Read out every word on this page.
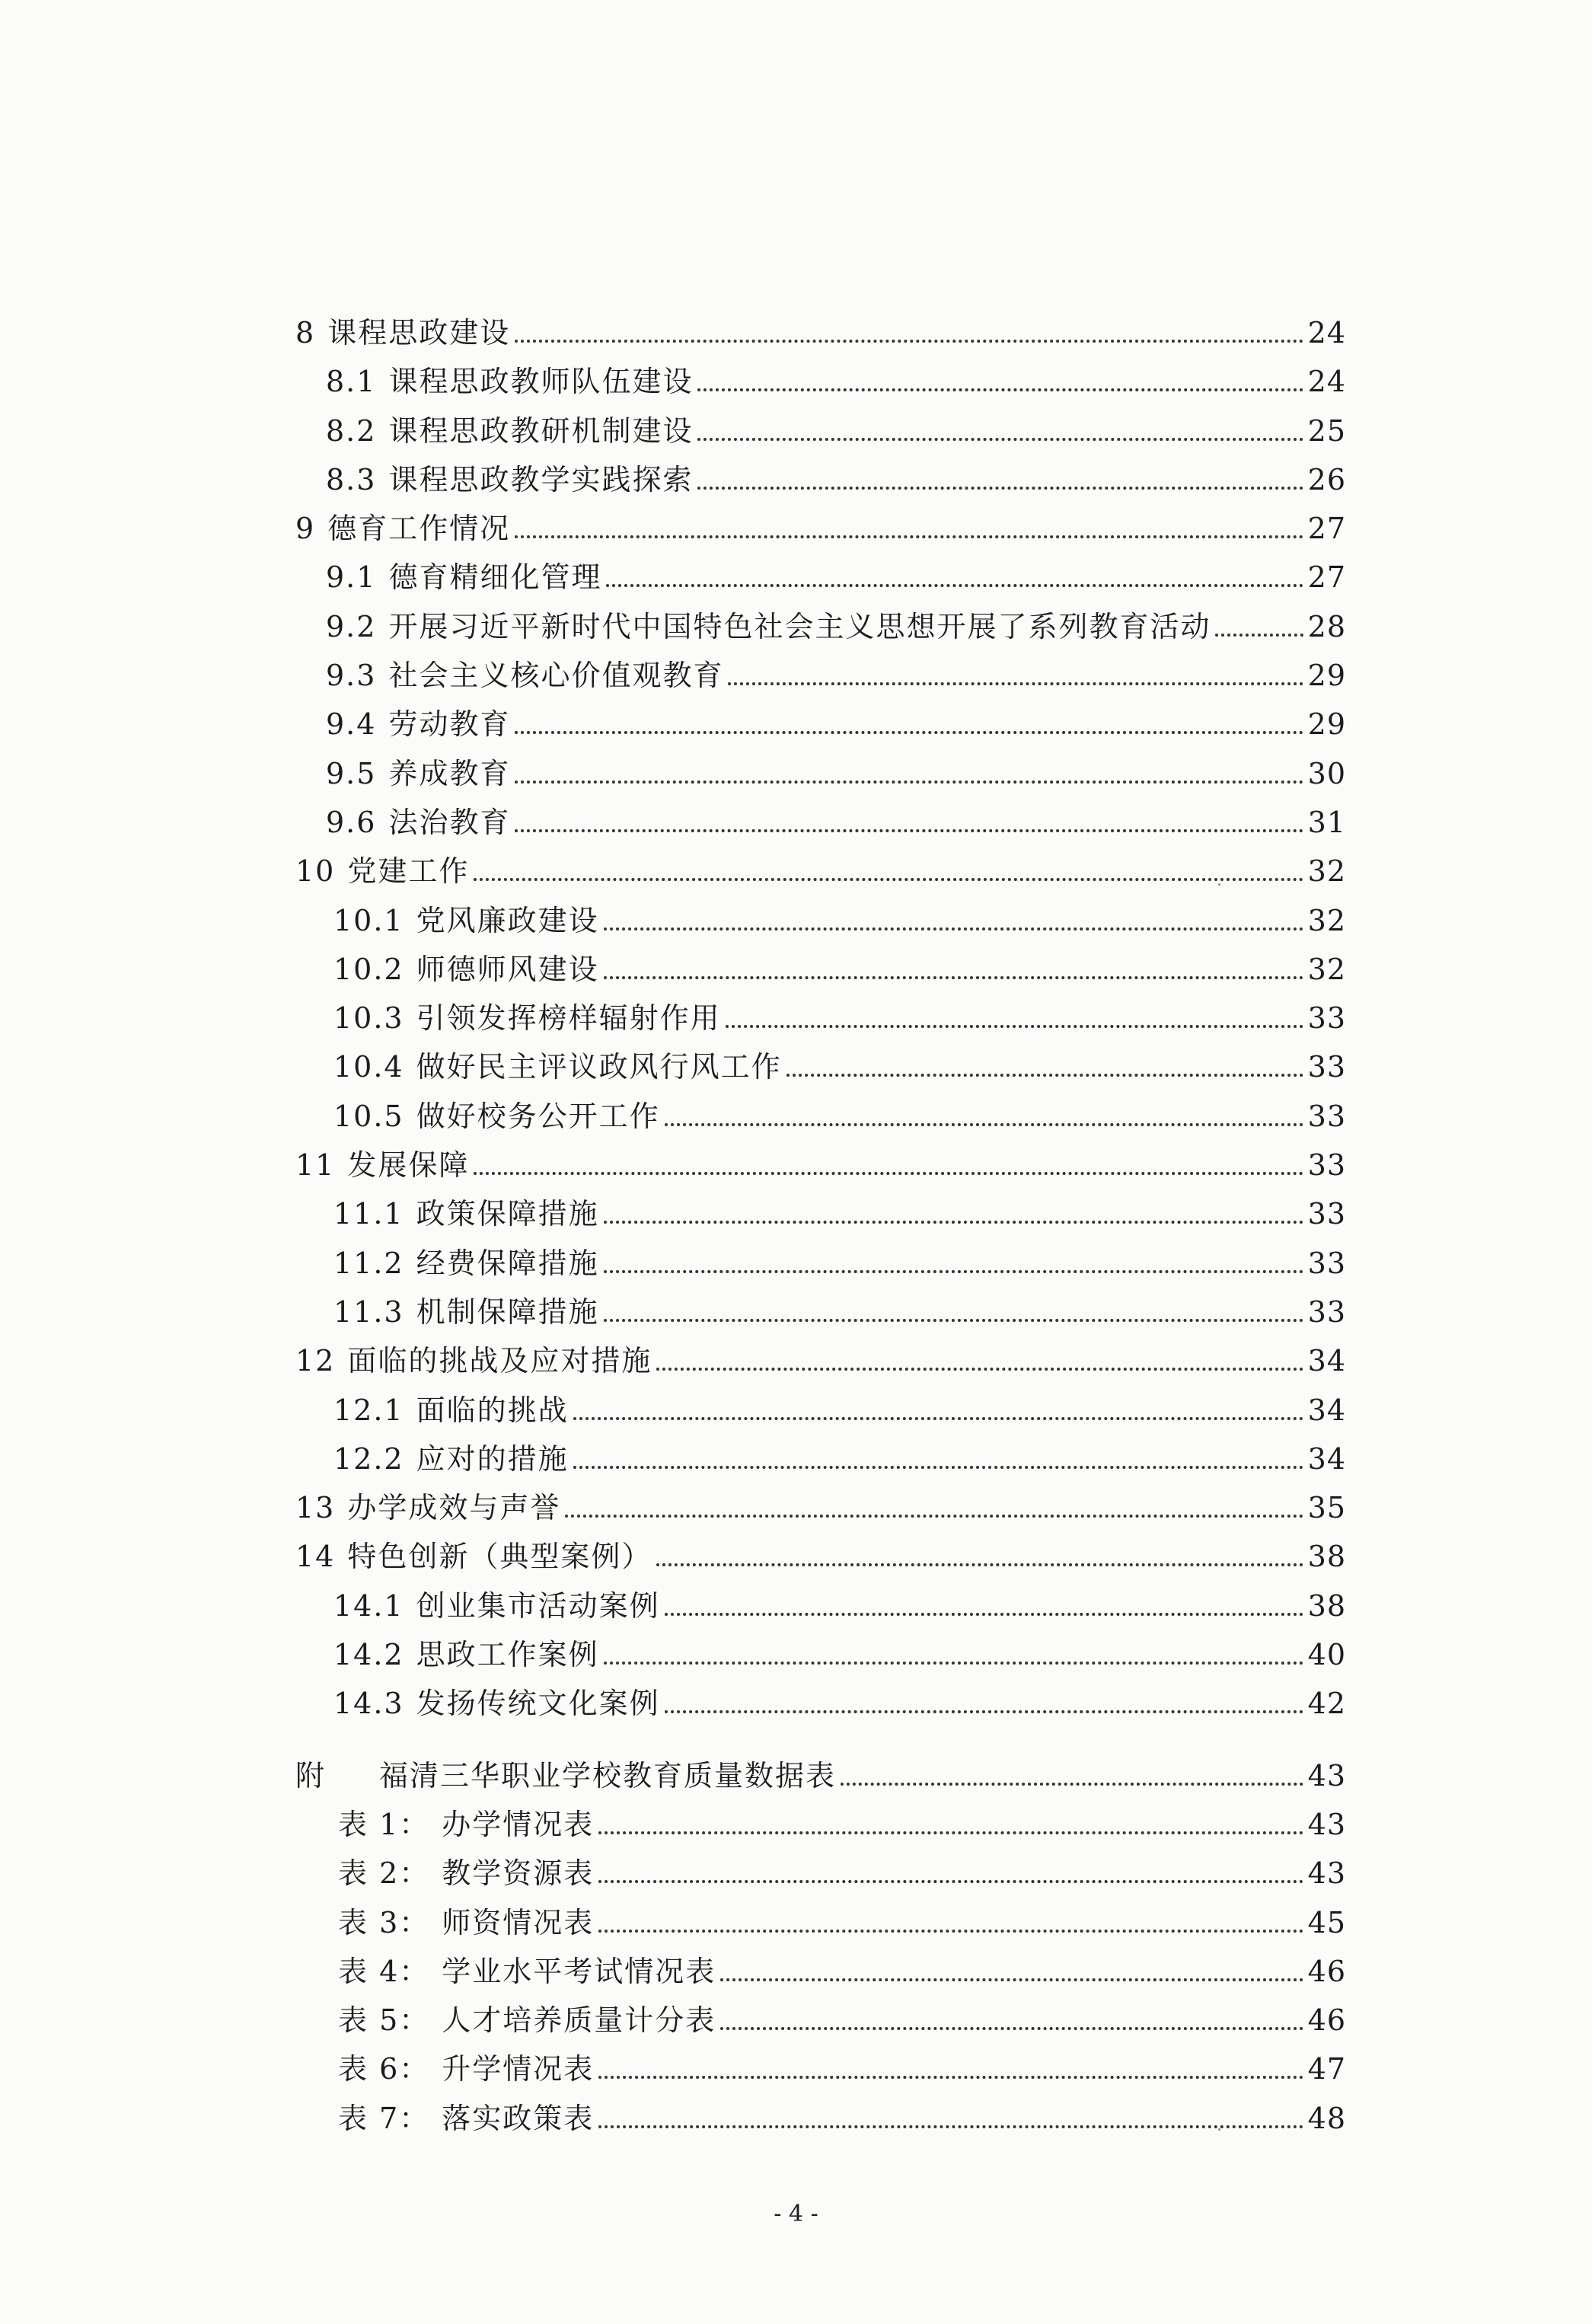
8 课程思政建设	24
8.1 课程思政教师队伍建设	24
8.2 课程思政教研机制建设	25
8.3 课程思政教学实践探索	26
9 德育工作情况	27
9.1 德育精细化管理	27
9.2 开展习近平新时代中国特色社会主义思想开展了系列教育活动	28
9.3 社会主义核心价值观教育	29
9.4 劳动教育	29
9.5 养成教育	30
9.6 法治教育	31
10 党建工作	32
10.1 党风廉政建设	32
10.2 师德师风建设	32
10.3 引领发挥榜样辐射作用	33
10.4 做好民主评议政风行风工作	33
10.5 做好校务公开工作	33
11 发展保障	33
11.1 政策保障措施	33
11.2 经费保障措施	33
11.3 机制保障措施	33
12 面临的挑战及应对措施	34
12.1 面临的挑战	34
12.2 应对的措施	34
13 办学成效与声誉	35
14 特色创新（典型案例）	38
14.1 创业集市活动案例	38
14.2 思政工作案例	40
14.3 发扬传统文化案例	42
附 福清三华职业学校教育质量数据表	43
表 1： 办学情况表	43
表 2： 教学资源表	43
表 3： 师资情况表	45
表 4： 学业水平考试情况表	46
表 5： 人才培养质量计分表	46
表 6： 升学情况表	47
表 7： 落实政策表	48
- 4 -
